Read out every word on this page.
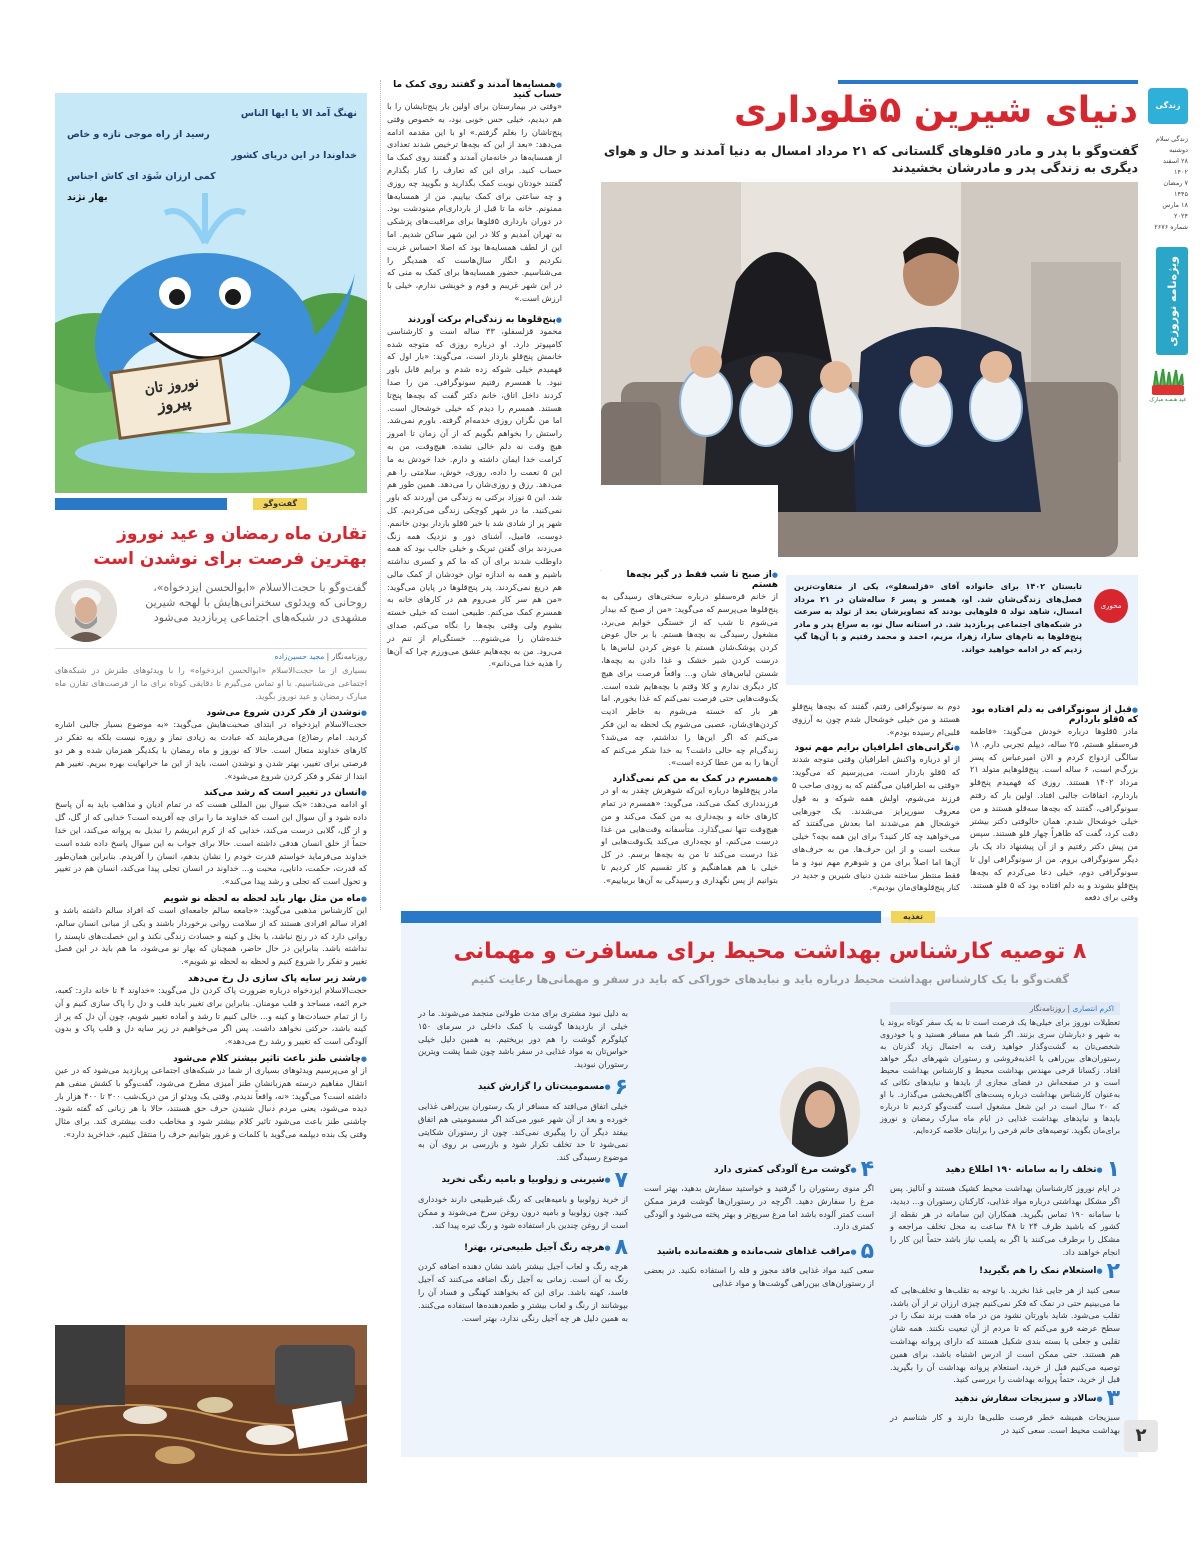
زندگی
زندگی سلام
دوشنبه
۲۸ اسفند ۱۴۰۲
۷ رمضان ۱۴۴۵
۱۸ مارس ۲۰۲۴
شماره ۲۶۷۶
ویژه‌نامه نوروزی
عیدِ هـمـه مبارک
دنیای شیرین ۵قلوداری

گفت‌وگو با پدر و مادر ۵قلوهای گلستانی که ۲۱ مرداد امسال به دنیا آمدند و حال و هوای دیگری به زندگی پدر و مادرشان بخشیدند

محوری

تابستان ۱۴۰۲ برای خانواده آقای «قزلسفلو»، یکی از متفاوت‌ترین فصل‌های زندگی‌شان شد. او، همسر و پسر ۶ ساله‌شان در ۲۱ مرداد امسال، شاهد تولد ۵ قلوهایی بودند که تصاویرشان بعد از تولد به سرعت در شبکه‌های اجتماعی پربازدید شد. در استانه سال نو، به سراغ پدر و مادر پنج‌قلوها به نام‌های سارا، زهرا، مریم، احمد و محمد رفتیم و با آن‌ها گپ زدیم که در ادامه خواهید خواند.

● قبل از سونوگرافی به دلم افتاده بود که ۵قلو باردارم

مادر ۵قلوها درباره خودش می‌گوید: «فاطمه قره‌سفلو هستم، ۲۵ ساله، دیپلم تجربی دارم. ۱۸ سالگی ازدواج کردم و الان امیرعباس که پسر بزرگ‌م است، ۶ ساله است. پنج‌قلوهایم متولد ۲۱ مرداد ۱۴۰۲ هستند. روزی که فهمیدم پنج‌قلو باردارم، اتفاقات جالبی افتاد. اولین بار که رفتم سونوگرافی، گفتند که بچه‌ها سه‌قلو هستند و من خیلی خوشحال شدم. همان حالوقتی دکتر بیشتر دقت کرد، گفت که ظاهراً چهار قلو هستند. سپس من پیش دکتر رفتیم و از آن پیشنهاد داد یک بار دیگر سونوگرافی بروم. من از سونوگرافی اول تا سونوگرافی دوم، خیلی دعا می‌کردم که بچه‌ها پنج‌قلو بشوند و به دلم افتاده بود که ۵ قلو هستند. وقتی برای دفعه

دوم به سونوگرافی رفتم، گفتند که بچه‌ها پنج‌قلو هستند و من خیلی خوشحال شدم چون به آرزوی قلبی‌ام رسیده بودم».

● نگرانی‌های اطرافیان برایم مهم نبود

از او درباره واکنش اطرافیان وقتی متوجه شدند که ۵قلو باردار است، می‌پرسیم که می‌گوید: «وقتی به اطرافیان می‌گفتم که به زودی صاحب ۵ فرزند می‌شوم، اولش همه شوکه و به قول معروف سورپرایز می‌شدند. یک جورهایی خوشحال هم می‌شدند اما بعدش می‌گفتند که می‌خواهید چه کار کنید؟ برای این همه بچه؟ خیلی سخت است و از این حرف‌ها. من به حرف‌های آن‌ها اما اصلاً برای من و شوهرم مهم نبود و ما فقط منتظر ساختنه شدن دنیای شیرین و جدید در کنار پنج‌قلوهای‌مان بودیم».

● از صبح تا شب فقط در گیر بچه‌ها هستم

از خانم قره‌سفلو درباره سختی‌های رسیدگی به پنج‌قلوها می‌پرسم که می‌گوید: «من از صبح که بیدار می‌شوم تا شب که از خستگی خوابم می‌برد، مشغول رسیدگی به بچه‌ها هستم. با بر حال عوض کردن پوشک‌شان هستم یا عوض کردن لباس‌ها یا درست کردن شیر خشک و غذا دادن به بچه‌ها، شستن لباس‌های شان و... واقعاً فرصت برای هیچ کار دیگری ندارم و کلا وقتم با بچه‌هایم شده است. یک‌وقت‌هایی حتی فرصت نمی‌کنم که غذا بخورم. اما هر بار که خسته می‌شوم به خاطر اذیت کردن‌های‌شان، عصبی می‌شوم یک لحظه به این فکر می‌کنم که اگر این‌ها را نداشتم، چه می‌شد؟ زندگی‌ام چه حالی داشت؟ به خدا شکر می‌کنم که آن‌ها را به من عطا کرده است».

● همسرم در کمک به من کم نمی‌گذارد

مادر پنج‌قلوها درباره این‌که شوهرش چقدر به او در فرزندداری کمک می‌کند، می‌گوید: «همسرم در تمام کارهای خانه و بچه‌داری به من کمک می‌کند و من هیچ‌وقت تنها نمی‌گذارد. متأسفانه وقت‌هایی من غذا درست می‌کنم، او بچه‌داری می‌کند یک‌وقت‌هایی او غذا درست می‌کند تا من به بچه‌ها برسم. در کل خیلی با هم هماهنگیم و کار تقسیم کار کردیم تا بتوانیم از پس نگهداری و رسیدگی به آن‌ها بربیاییم».

● همسایه‌ها آمدند و گفتند روی کمک ما حساب کنید

«وقتی در بیمارستان برای اولین بار پنج‌تایشان را با هم دیدیم، خیلی حس خوبی بود، به خصوص وقتی پنج‌تاشان را بغلم گرفتم.» او با این مقدمه ادامه می‌دهد: «بعد از این که بچه‌ها ترخیص شدند تعدادی از همسایه‌ها در خانه‌مان آمدند و گفتند روی کمک ما حساب کنید. برای این که تعارف را کنار بگذارم گفتند خودتان نوبت کمک بگذارید و بگویید چه روزی و چه ساعتی برای کمک بیاییم. من از همسایه‌ها ممنونم. خانه ما تا قبل از بارداری‌ام مینودشت بود. در دوران بارداری ۵قلوها برای مراقبت‌های پزشکی به تهران آمدیم و کلا در این شهر ساکن شدیم. اما این از لطف همسایه‌ها بود که اصلا احساس غربت نکردیم و انگار سال‌هاست که همدیگر را می‌شناسیم. حضور همسایه‌ها برای کمک به منی که در این شهر غریبم و قوم و خویشی ندارم، خیلی با ارزش است.»

● پنج‌قلوها به زندگی‌ام برکت آوردند

محمود قزلسفلو، ۳۳ ساله است و کارشناسی کامپیوتر دارد. او درباره روزی که متوجه شده خانمش پنج‌قلو باردار است، می‌گوید: «بار اول که فهمیدم خیلی شوکه زده شدم و برایم قابل باور نبود. با همسرم رفتیم سونوگرافی. من را صدا کردند داخل اتاق، خانم دکتر گفت که بچه‌ها پنج‌تا هستند. همسرم را دیدم که خیلی خوشحال است. اما من نگران روزی خدمه‌ام گرفته. باورم نمی‌شد. راستش را بخواهم بگویم که از آن زمان تا امروز هیچ وقت نه دلم خالی نشده. هیچ‌وقت، من به کرامت خدا ایمان داشته و دارم. خدا خودش به ما این ۵ نعمت را داده، روزی، خوش، سلامتی را هم می‌دهد. رزق و روزی‌شان را می‌دهد. همین طور هم شد. این ۵ نوزاد برکتی به زندگی من آوردند که باور نمی‌کنید. ما در شهر کوچکی زندگی می‌کردیم. کل شهر پر از شادی شد با خبر ۵قلو باردار بودن خانمم. دوست، فامیل، آشنای دور و نزدیک همه زنگ می‌زدند برای گفتن تبریک و خیلی جالب بود که همه داوطلب شدند برای آن که ما کم و کسری نداشته باشیم و همه به اندازه توان خودشان از کمک مالی هم دریغ نمی‌کردند. پدر پنج‌قلوها در پایان می‌گوید: «من هم سر کار می‌روم هم در کارهای خانه به همسرم کمک می‌کنم. طبیعی است که خیلی خسته بشوم ولی وقتی بچه‌ها را نگاه می‌کنم، صدای خنده‌شان را می‌شنوم... خستگی‌ام از تنم در می‌رود. من به بچه‌هایم عشق می‌ورزم چرا که آن‌ها را هدیه خدا می‌دانم».

نوروز تان
پیروز
نهنگ آمد الا یا ایها الناس
رسید از راه موجی تازه و خاص
خداوندا در این دریای کشور
کمی ارزان شَوَد ای کاش اجناس
بهار نژند
گفت‌وگو
تقارن ماه رمضان و عید نوروز بهترین فرصت برای نوشدن است

گفت‌وگو با حجت‌الاسلام «ابوالحسن ایزدخواه»، روحانی که ویدئوی سخنرانی‌هایش با لهجه شیرین مشهدی در شبکه‌های اجتماعی پربازدید می‌شود

روزنامه‌نگار | مجید حسین‌زاده

بسیاری از ما حجت‌الاسلام «ابوالحسن ایزدخواه» را با ویدئوهای طنزش در شبکه‌های اجتماعی می‌شناسیم. با او تماس می‌گیرم تا دقایقی کوتاه برای ما از فرصت‌های تقارن ماه مبارک رمضان و عید نوروز بگوید.

● نوشدن از فکر کردن شروع می‌شود

حجت‌الاسلام ایزدخواه در ابتدای صحبت‌هایش می‌گوید: «به موضوع بسیار جالبی اشاره کردید. امام رضا(ع) می‌فرمایند که عبادت به زیادی نماز و روزه نیست بلکه به تفکر در کارهای خداوند متعال است. حالا که نوروز و ماه رمضان با یکدیگر همزمان شده و هر دو فرصتی برای تغییر، بهتر شدن و نوشدن است، باید از این ما حرانهایت بهره ببریم. تغییر هم ابتدا از تفکر و فکر کردن شروع می‌شود».

● انسان در تغییر است که رشد می‌کند

او ادامه می‌دهد: «یک سوال بین المللی هست که در تمام ادیان و مذاهب باید به آن پاسخ داده شود و آن سوال این است که خداوند ما را برای چه آفریده است؟ خدایی که از گل، گل و از گل، گلابی درست می‌کند، خدایی که از کرم ابریشم را تبدیل به پروانه می‌کند، این خدا حتماً از خلق انسان هدفی داشته است. حالا برای جواب به این سوال پاسخ داده شده است خداوند می‌فرماید خواستم قدرت خودم را نشان بدهم، انسان را آفریدم. بنابراین همان‌طور که قدرت، حکمت، دانایی، محبت و... خداوند در انسان تجلی پیدا می‌کند، انسان هم در تغییر و تحول است که تجلی و رشد پیدا می‌کند».

● ماه من مثل بهار باید لحظه به لحظه نو شویم

این کارشناس مذهبی می‌گوید: «جامعه سالم جامعه‌ای است که افراد سالم داشته باشد و افراد سالم افرادی هستند که از سلامت روانی برخوردار باشند و یکی از مبانی انسان سالم، روانی دارد که در رنج نباشد، با بخل و کینه و حسادت زندگی نکند و این خصلت‌های ناپسند را نداشته باشد. بنابراین در حال حاضر، همچنان که بهار نو می‌شود، ما هم باید در این فصل تغییر و تفکر را شروع کنیم و لحظه به لحظه نو شویم».

● رشد زیر سایه پاک سازی دل رخ می‌دهد

حجت‌الاسلام ایزدخواه درباره ضرورت پاک کردن دل می‌گوید: «خداوند ۴ تا خانه دارد: کعبه، حرم ائمه، مساجد و قلب مومنان. بنابراین برای تغییر باید قلب و دل را پاک سازی کنیم و آن را از تمام حسادت‌ها و کینه و... خالی کنیم تا رشد و آماده تغییر شویم، چون آن دل که پر از کینه باشد، حرکتی نخواهد داشت. پس اگر می‌خواهیم در زیر سایه دل و قلب پاک و بدون آلودگی است که تغییر و رشد رخ می‌دهد».

● چاشنی طنز باعث تاثیر بیشتر کلام می‌شود

از او می‌پرسیم ویدئوهای بسیاری از شما در شبکه‌های اجتماعی پربازدید می‌شود که در عین انتقال مفاهیم درسته هم‌زبانشان طنز آمیزی مطرح می‌شود، گفت‌وگو با کشش منفی هم داشته است؟ می‌گوید: «نه، واقعاً ندیدم. وقتی یک ویدئو از من دریک‌شب ۳۰۰ تا ۴۰۰ هزار بار دیده می‌شود، یعنی مردم دنبال شنیدن حرف حق هستند، حالا با هر زبانی که گفته شود. چاشنی طنز باعث می‌شود تاثیر کلام بیشتر شود و مخاطب دقت بیشتری کند. برای مثال وقتی یک بنده دیپلمه می‌گوید با کلمات و غرور بتوانیم حرف را منتقل کنیم، خداخرید دارد».

تغذیه
۸ توصیه کارشناس بهداشت محیط برای مسافرت و مهمانی

گفت‌وگو با یک کارشناس بهداشت محیط درباره باید و نبایدهای خوراکی که باید در سفر و مهمانی‌ها رعایت کنیم

اکرم انتصاری | روزنامه‌نگار

تعطیلات نوروز برای خیلی‌ها یک فرصت است تا به یک سفر کوتاه بروند یا به شهر و دیارشان سری بزنند. اگر شما هم مسافر هستید و یا خودروی شخصی‌تان به گشت‌وگذار خواهید رفت به احتمال زیاد گذرتان به رستوران‌های بین‌راهی یا اغذیه‌فروشی و رستوران شهرهای دیگر خواهد افتاد. زکسانا قرخی مهندس بهداشت محیط و کارشناس بهداشت محیط است و در صفحه‌اش در فضای مجازی از بایدها و نبایدهای نکاتی که به‌عنوان کارشناس بهداشت درباره پست‌های آگاهی‌بخشی می‌گذارد. با او که ۲۰ سال است در این شغل مشغول است گفت‌وگو کردیم تا درباره بایدها و نبایدهای بهداشت غذایی در ایام ماه مبارک رمضان و نوروز برای‌مان بگوید. توصیه‌های خانم فرخی را برایتان خلاصه کرده‌ایم.

۱
● تخلف را به سامانه ۱۹۰ اطلاع دهید

در ایام نوروز کارشناسان بهداشت محیط کشیک هستند و آنالیز. پس اگر مشکل بهداشتی درباره مواد غذایی، کارکنان رستوران و... دیدید، با سامانه ۱۹۰ تماس بگیرید. همکاران این سامانه در هر نقطه از کشور که باشید ظرف ۲۴ تا ۴۸ ساعت به محل تخلف مراجعه و مشکل را برطرف می‌کنند یا اگر به پلمب نیاز باشد حتماً این کار را انجام خواهند داد.

۲
● استعلام نمک را هم بگیرید!

سعی کنید از هر جایی غذا نخرید. با توجه به تقلب‌ها و تخلف‌هایی که ما می‌بینیم حتی در نمک که فکر نمی‌کنیم چیزی ارزان تر از آن باشد، تقلب می‌شود. شاید باورتان نشود من در ماه هفت برند نمک را در سطح عرضه فرو می‌کنم که تا مردم از آن تبعیت نکنند. همه شان تقلبی و جعلی یا بسته بندی شکیل هستند که دارای پروانه بهداشت هم هستند. حتی ممکن است از ادرس اشتباه باشد، برای همین توصیه می‌کنیم قبل از خرید، استعلام پروانه بهداشت آن را بگیرید. قبل از خرید، حتماً پروانه بهداشت را بررسی کنید.

۳
● سالاد و سبزیجات سفارش ندهید

سبزیجات همیشه خطر فرصت طلبی‌ها دارند و کار شناسم در بهداشت محیط است. سعی کنید در

۴
● گوشت مرغ آلودگی کمتری دارد

اگر منوی رستوران را گرفتید و خواستید سفارش بدهید، بهتر است مرغ را سفارش دهید. اگرچه در رستوران‌ها گوشت قرمز ممکن است کمتر آلوده باشد اما مرغ سریع‌تر و بهتر پخته می‌شود و آلودگی کمتری دارد.

۵
● مراقب غذاهای شب‌مانده و هفته‌مانده باشید

سعی کنید مواد غذایی فاقد مجوز و فله را استفاده نکنید. در بعضی از رستوران‌های بین‌راهی گوشت‌ها و مواد غذایی

به دلیل نبود مشتری برای مدت طولانی منجمد می‌شوند. ما در خیلی از بازدیدها گوشت یا کمک داخلی در سرمای ۱۵۰ کیلوگرم گوشت را هم دور بریختیم. به همین دلیل خیلی حواس‌تان به مواد غذایی در سفر باشد چون شما پشت ویترین رستوران نبودید.

۶
● مسمومیت‌تان را گزارش کنید

خیلی اتفاق می‌افتد که مسافر از یک رستوران بین‌راهی غذایی خورده و بعد از آن شهر عبور می‌کند اگر مسمومیتی هم اتفاق بیفتد دیگر آن را پیگیری نمی‌کند. چون از رستوران شکایتی نمی‌شود تا حد تخلف تکرار شود و بازرسی بر روی آن به موضوع رسیدگی کند.

۷
● شیرینی و زولوبیا و بامیه رنگی نخرید

از خرید زولوبیا و بامیه‌هایی که رنگ غیرطبیعی دارند خودداری کنید. چون زولوبیا و بامیه درون روغن سرخ می‌شوند و ممکن است از روغن چندین بار استفاده شود و رنگ تیره پیدا کند.

۸
● هرچه رنگ آجیل طبیعی‌تر، بهتر!

هرچه رنگ و لعاب آجیل بیشتر باشد نشان دهنده اضافه کردن رنگ به آن است. زمانی به آجیل رنگ اضافه می‌کنند که آجیل فاسد، کهنه باشد. برای این که بخواهند کهنگی و فساد آن را بپوشانند از رنگ و لعاب بیشتر و طعم‌دهنده‌ها استفاده می‌کنند. به همین دلیل هر چه آجیل رنگی ندارد، بهتر است.

۲
